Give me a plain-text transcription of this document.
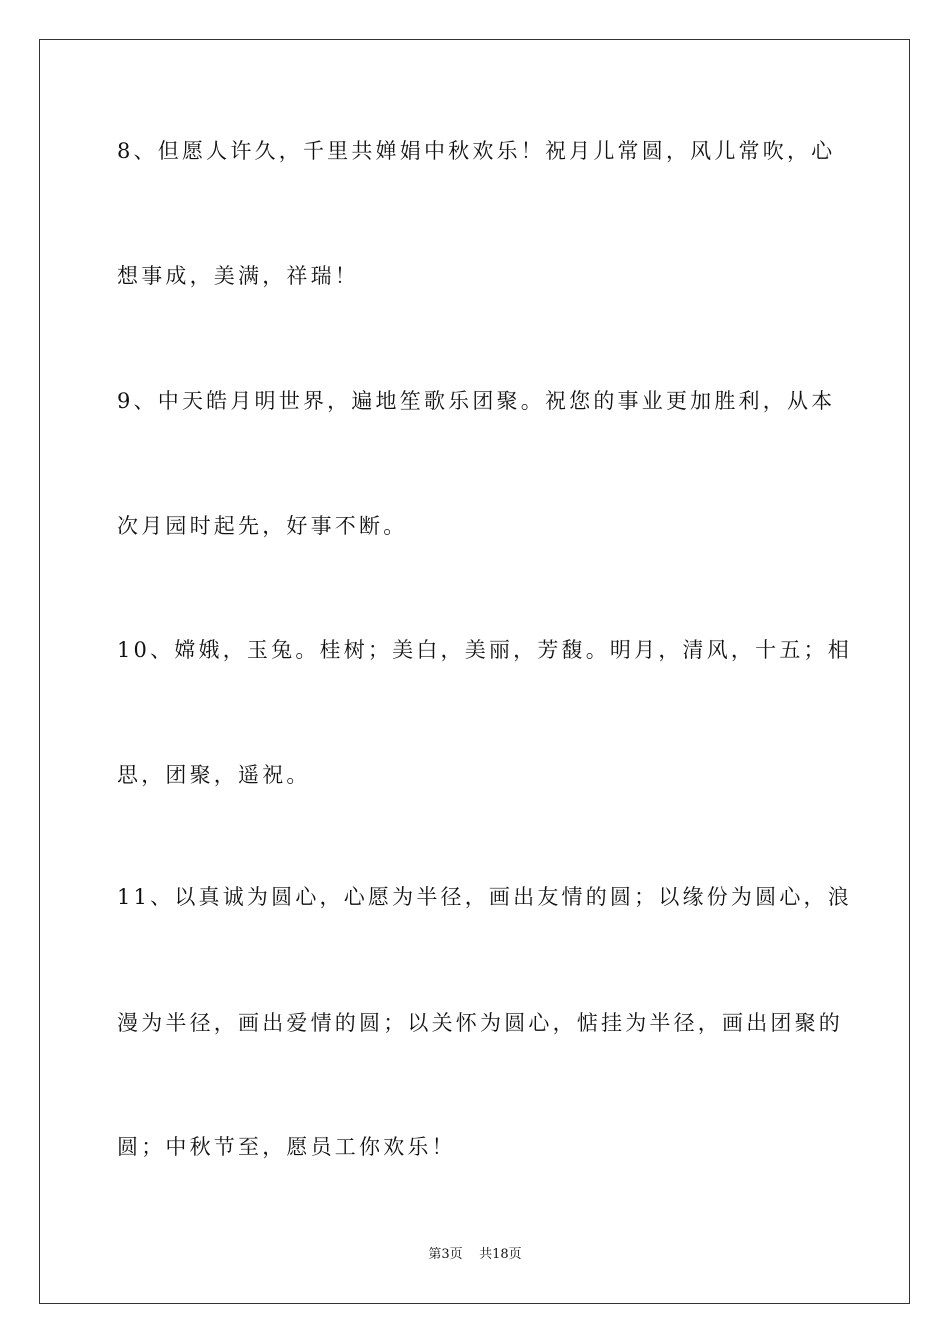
8、但愿人许久，千里共婵娟中秋欢乐！祝月儿常圆，风儿常吹，心
想事成，美满，祥瑞！
9、中天皓月明世界，遍地笙歌乐团聚。祝您的事业更加胜利，从本
次月园时起先，好事不断。
10、嫦娥，玉兔。桂树；美白，美丽，芳馥。明月，清风，十五；相
思，团聚，遥祝。
11、以真诚为圆心，心愿为半径，画出友情的圆；以缘份为圆心，浪
漫为半径，画出爱情的圆；以关怀为圆心，惦挂为半径，画出团聚的
圆；中秋节至，愿员工你欢乐！
第3页    共18页
